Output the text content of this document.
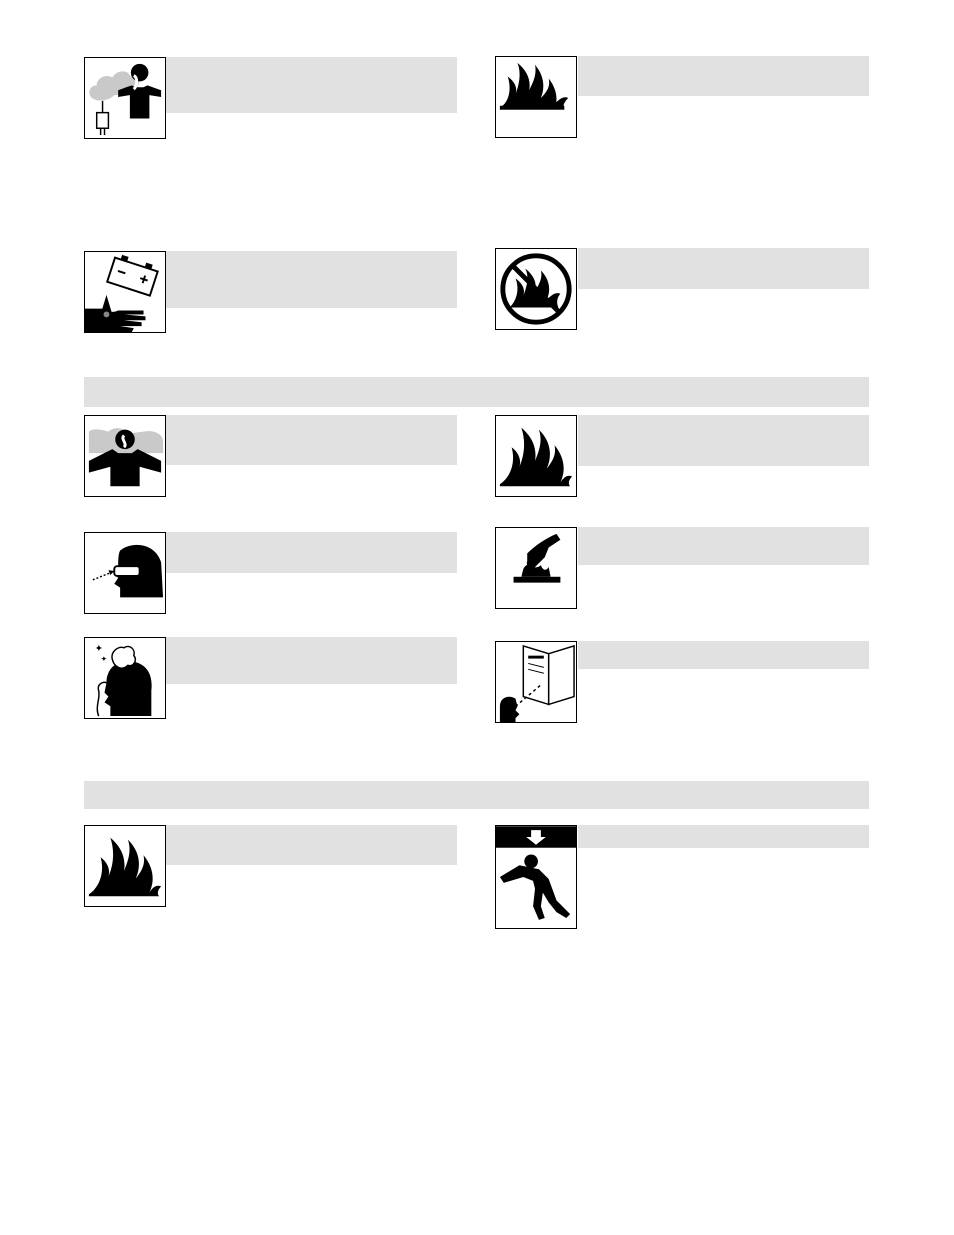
✦
✦
